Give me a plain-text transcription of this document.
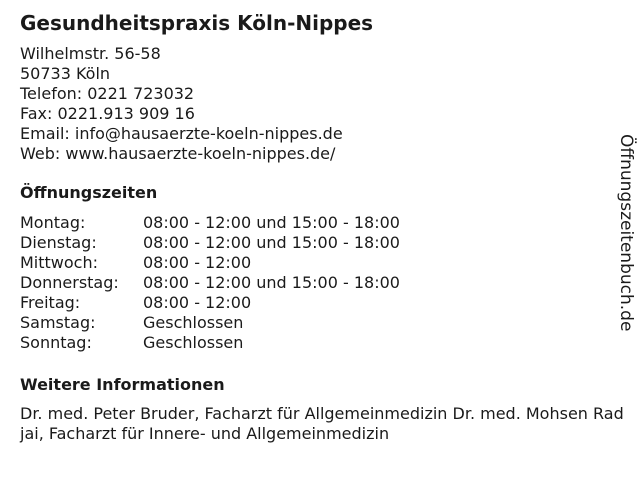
Gesundheitspraxis Köln-Nippes
Wilhelmstr. 56-58
50733 Köln
Telefon: 0221 723032
Fax: 0221.913 909 16
Email: info@hausaerzte-koeln-nippes.de
Web: www.hausaerzte-koeln-nippes.de/
Öffnungszeiten
Montag:	08:00 - 12:00 und 15:00 - 18:00
Dienstag:	08:00 - 12:00 und 15:00 - 18:00
Mittwoch:	08:00 - 12:00
Donnerstag:	08:00 - 12:00 und 15:00 - 18:00
Freitag:	08:00 - 12:00
Samstag:	Geschlossen
Sonntag:	Geschlossen
Weitere Informationen
Dr. med. Peter Bruder, Facharzt für Allgemeinmedizin Dr. med. Mohsen Radjai, Facharzt für Innere- und Allgemeinmedizin
Öffnungszeitenbuch.de
